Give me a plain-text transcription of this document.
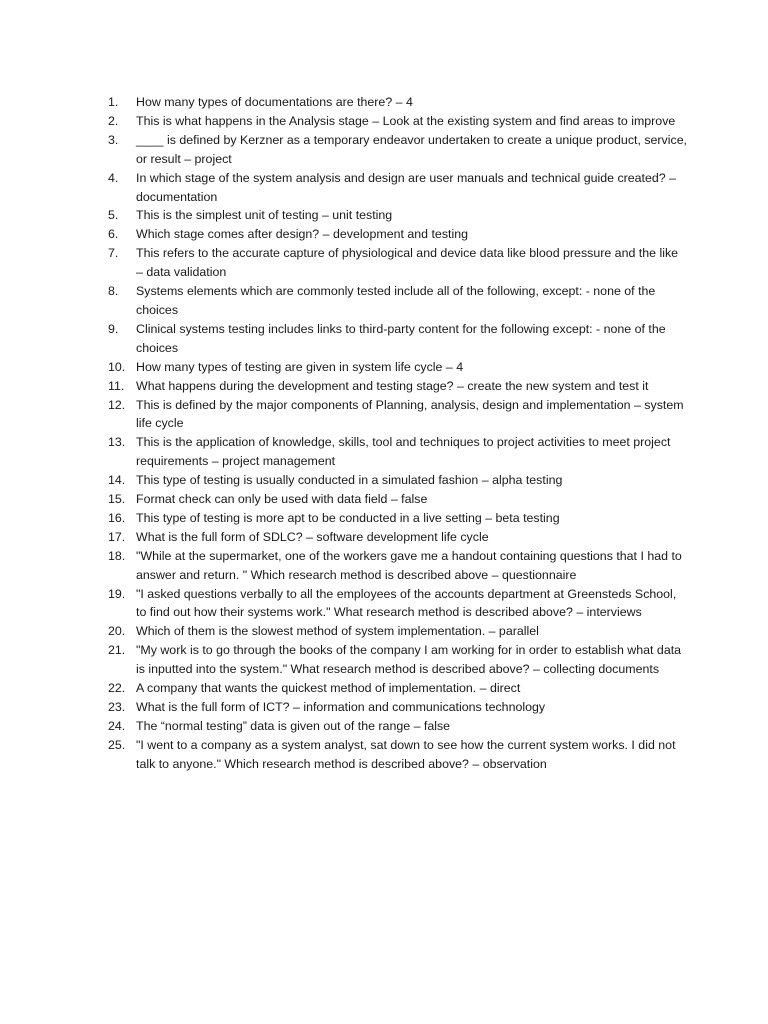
1.	How many types of documentations are there? – 4
2.	This is what happens in the Analysis stage – Look at the existing system and find areas to improve
3.	____ is defined by Kerzner as a temporary endeavor undertaken to create a unique product, service, or result – project
4.	In which stage of the system analysis and design are user manuals and technical guide created? – documentation
5.	This is the simplest unit of testing – unit testing
6.	Which stage comes after design? – development and testing
7.	This refers to the accurate capture of physiological and device data like blood pressure and the like – data validation
8.	Systems elements which are commonly tested include all of the following, except: - none of the choices
9.	Clinical systems testing includes links to third-party content for the following except: - none of the choices
10. How many types of testing are given in system life cycle – 4
11. What happens during the development and testing stage? – create the new system and test it
12. This is defined by the major components of Planning, analysis, design and implementation – system life cycle
13. This is the application of knowledge, skills, tool and techniques to project activities to meet project requirements – project management
14. This type of testing is usually conducted in a simulated fashion – alpha testing
15. Format check can only be used with data field – false
16. This type of testing is more apt to be conducted in a live setting – beta testing
17. What is the full form of SDLC? – software development life cycle
18. "While at the supermarket, one of the workers gave me a handout containing questions that I had to answer and return. " Which research method is described above – questionnaire
19. "I asked questions verbally to all the employees of the accounts department at Greensteds School, to find out how their systems work." What research method is described above? – interviews
20. Which of them is the slowest method of system implementation. – parallel
21. "My work is to go through the books of the company I am working for in order to establish what data is inputted into the system." What research method is described above? – collecting documents
22. A company that wants the quickest method of implementation. – direct
23. What is the full form of ICT? – information and communications technology
24. The “normal testing” data is given out of the range – false
25. "I went to a company as a system analyst, sat down to see how the current system works. I did not talk to anyone." Which research method is described above? – observation
